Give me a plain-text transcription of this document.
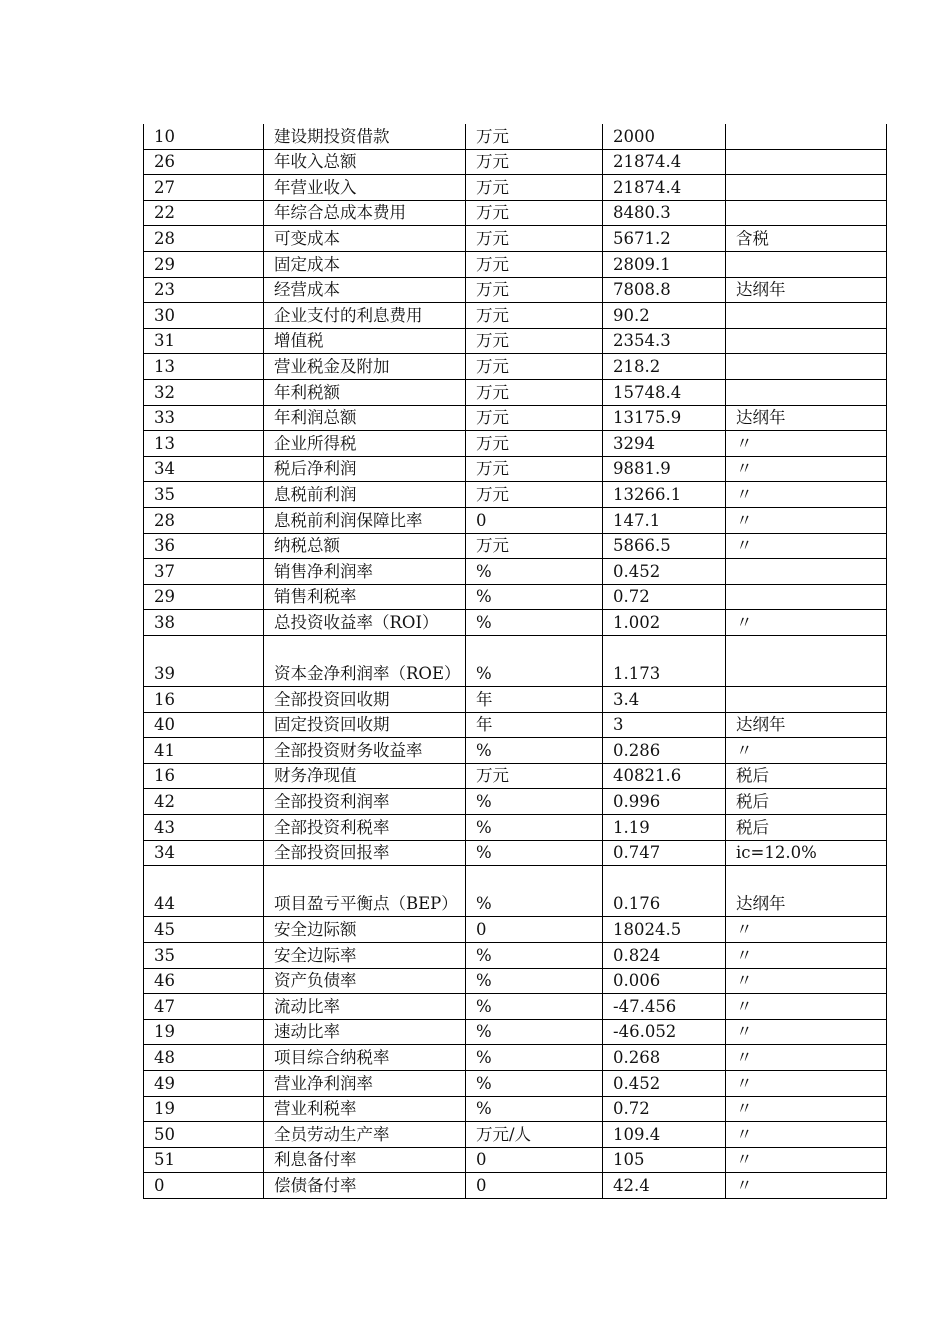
10	建设期投资借款	万元	2000	
26	年收入总额	万元	21874.4	
27	年营业收入	万元	21874.4	
22	年综合总成本费用	万元	8480.3	
28	可变成本	万元	5671.2	含税
29	固定成本	万元	2809.1	
23	经营成本	万元	7808.8	达纲年
30	企业支付的利息费用	万元	90.2	
31	增值税	万元	2354.3	
13	营业税金及附加	万元	218.2	
32	年利税额	万元	15748.4	
33	年利润总额	万元	13175.9	达纲年
13	企业所得税	万元	3294	〃
34	税后净利润	万元	9881.9	〃
35	息税前利润	万元	13266.1	〃
28	息税前利润保障比率	0	147.1	〃
36	纳税总额	万元	5866.5	〃
37	销售净利润率	%	0.452	
29	销售利税率	%	0.72	
38	总投资收益率（ROI）	%	1.002	〃
39	资本金净利润率（ROE）	%	1.173	
16	全部投资回收期	年	3.4	
40	固定投资回收期	年	3	达纲年
41	全部投资财务收益率	%	0.286	〃
16	财务净现值	万元	40821.6	税后
42	全部投资利润率	%	0.996	税后
43	全部投资利税率	%	1.19	税后
34	全部投资回报率	%	0.747	ic=12.0%
44	项目盈亏平衡点（BEP）	%	0.176	达纲年
45	安全边际额	0	18024.5	〃
35	安全边际率	%	0.824	〃
46	资产负债率	%	0.006	〃
47	流动比率	%	-47.456	〃
19	速动比率	%	-46.052	〃
48	项目综合纳税率	%	0.268	〃
49	营业净利润率	%	0.452	〃
19	营业利税率	%	0.72	〃
50	全员劳动生产率	万元/人	109.4	〃
51	利息备付率	0	105	〃
0	偿债备付率	0	42.4	〃
